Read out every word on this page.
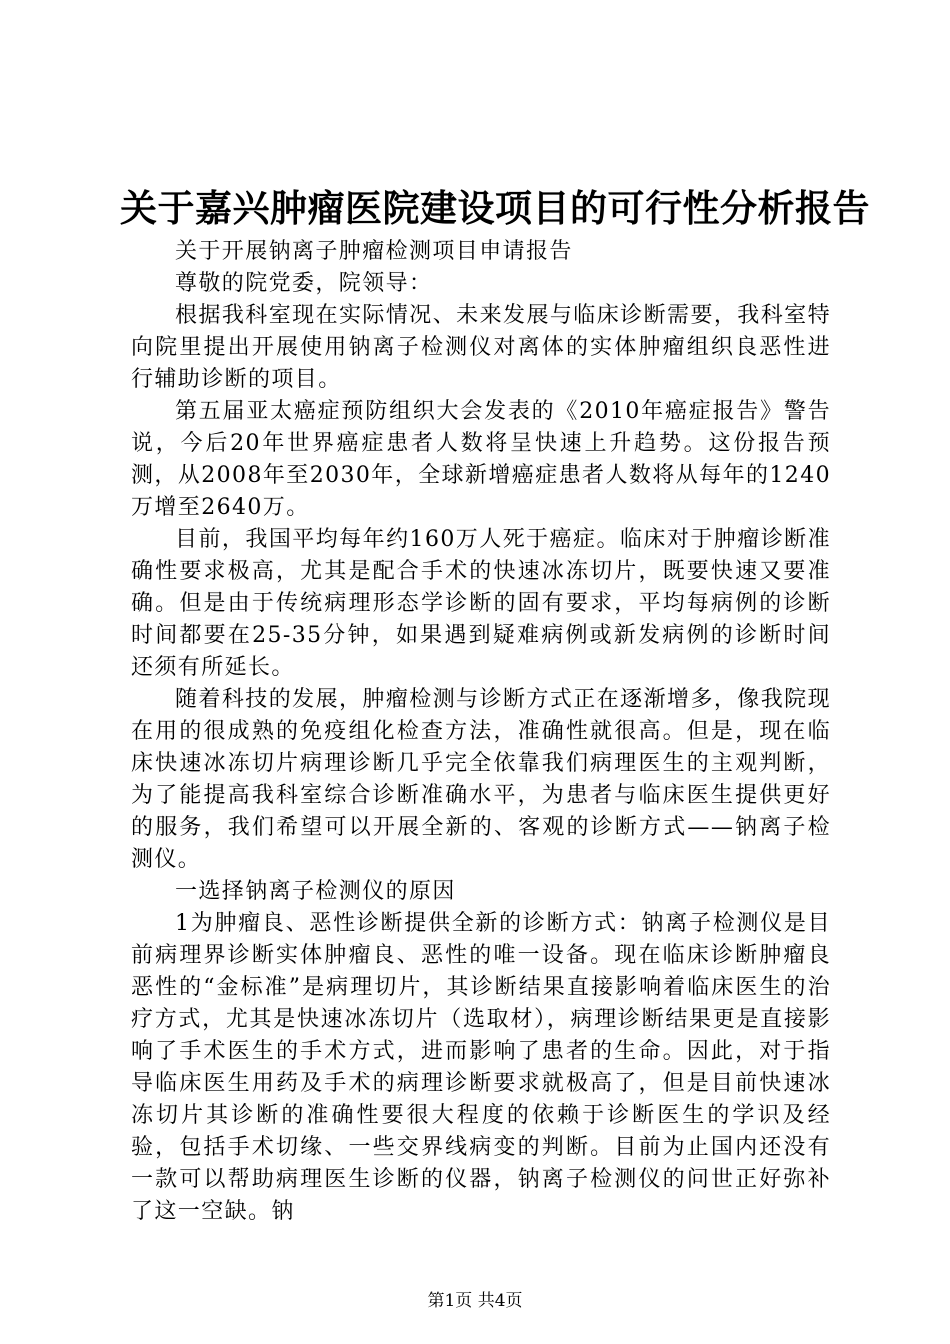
关于嘉兴肿瘤医院建设项目的可行性分析报告

关于开展钠离子肿瘤检测项目申请报告

尊敬的院党委，院领导：

根据我科室现在实际情况、未来发展与临床诊断需要，我科室特向院里提出开展使用钠离子检测仪对离体的实体肿瘤组织良恶性进行辅助诊断的项目。

第五届亚太癌症预防组织大会发表的《2010年癌症报告》警告说，今后20年世界癌症患者人数将呈快速上升趋势。这份报告预测，从2008年至2030年，全球新增癌症患者人数将从每年的1240万增至2640万。

目前，我国平均每年约160万人死于癌症。临床对于肿瘤诊断准确性要求极高，尤其是配合手术的快速冰冻切片，既要快速又要准确。但是由于传统病理形态学诊断的固有要求，平均每病例的诊断时间都要在25-35分钟，如果遇到疑难病例或新发病例的诊断时间还须有所延长。

随着科技的发展，肿瘤检测与诊断方式正在逐渐增多，像我院现在用的很成熟的免疫组化检查方法，准确性就很高。但是，现在临床快速冰冻切片病理诊断几乎完全依靠我们病理医生的主观判断，为了能提高我科室综合诊断准确水平，为患者与临床医生提供更好的服务，我们希望可以开展全新的、客观的诊断方式——钠离子检测仪。

一选择钠离子检测仪的原因

1为肿瘤良、恶性诊断提供全新的诊断方式：钠离子检测仪是目前病理界诊断实体肿瘤良、恶性的唯一设备。现在临床诊断肿瘤良恶性的“金标准”是病理切片，其诊断结果直接影响着临床医生的治疗方式，尤其是快速冰冻切片（选取材），病理诊断结果更是直接影响了手术医生的手术方式，进而影响了患者的生命。因此，对于指导临床医生用药及手术的病理诊断要求就极高了，但是目前快速冰冻切片其诊断的准确性要很大程度的依赖于诊断医生的学识及经验，包括手术切缘、一些交界线病变的判断。目前为止国内还没有一款可以帮助病理医生诊断的仪器，钠离子检测仪的问世正好弥补了这一空缺。钠

第1页 共4页
